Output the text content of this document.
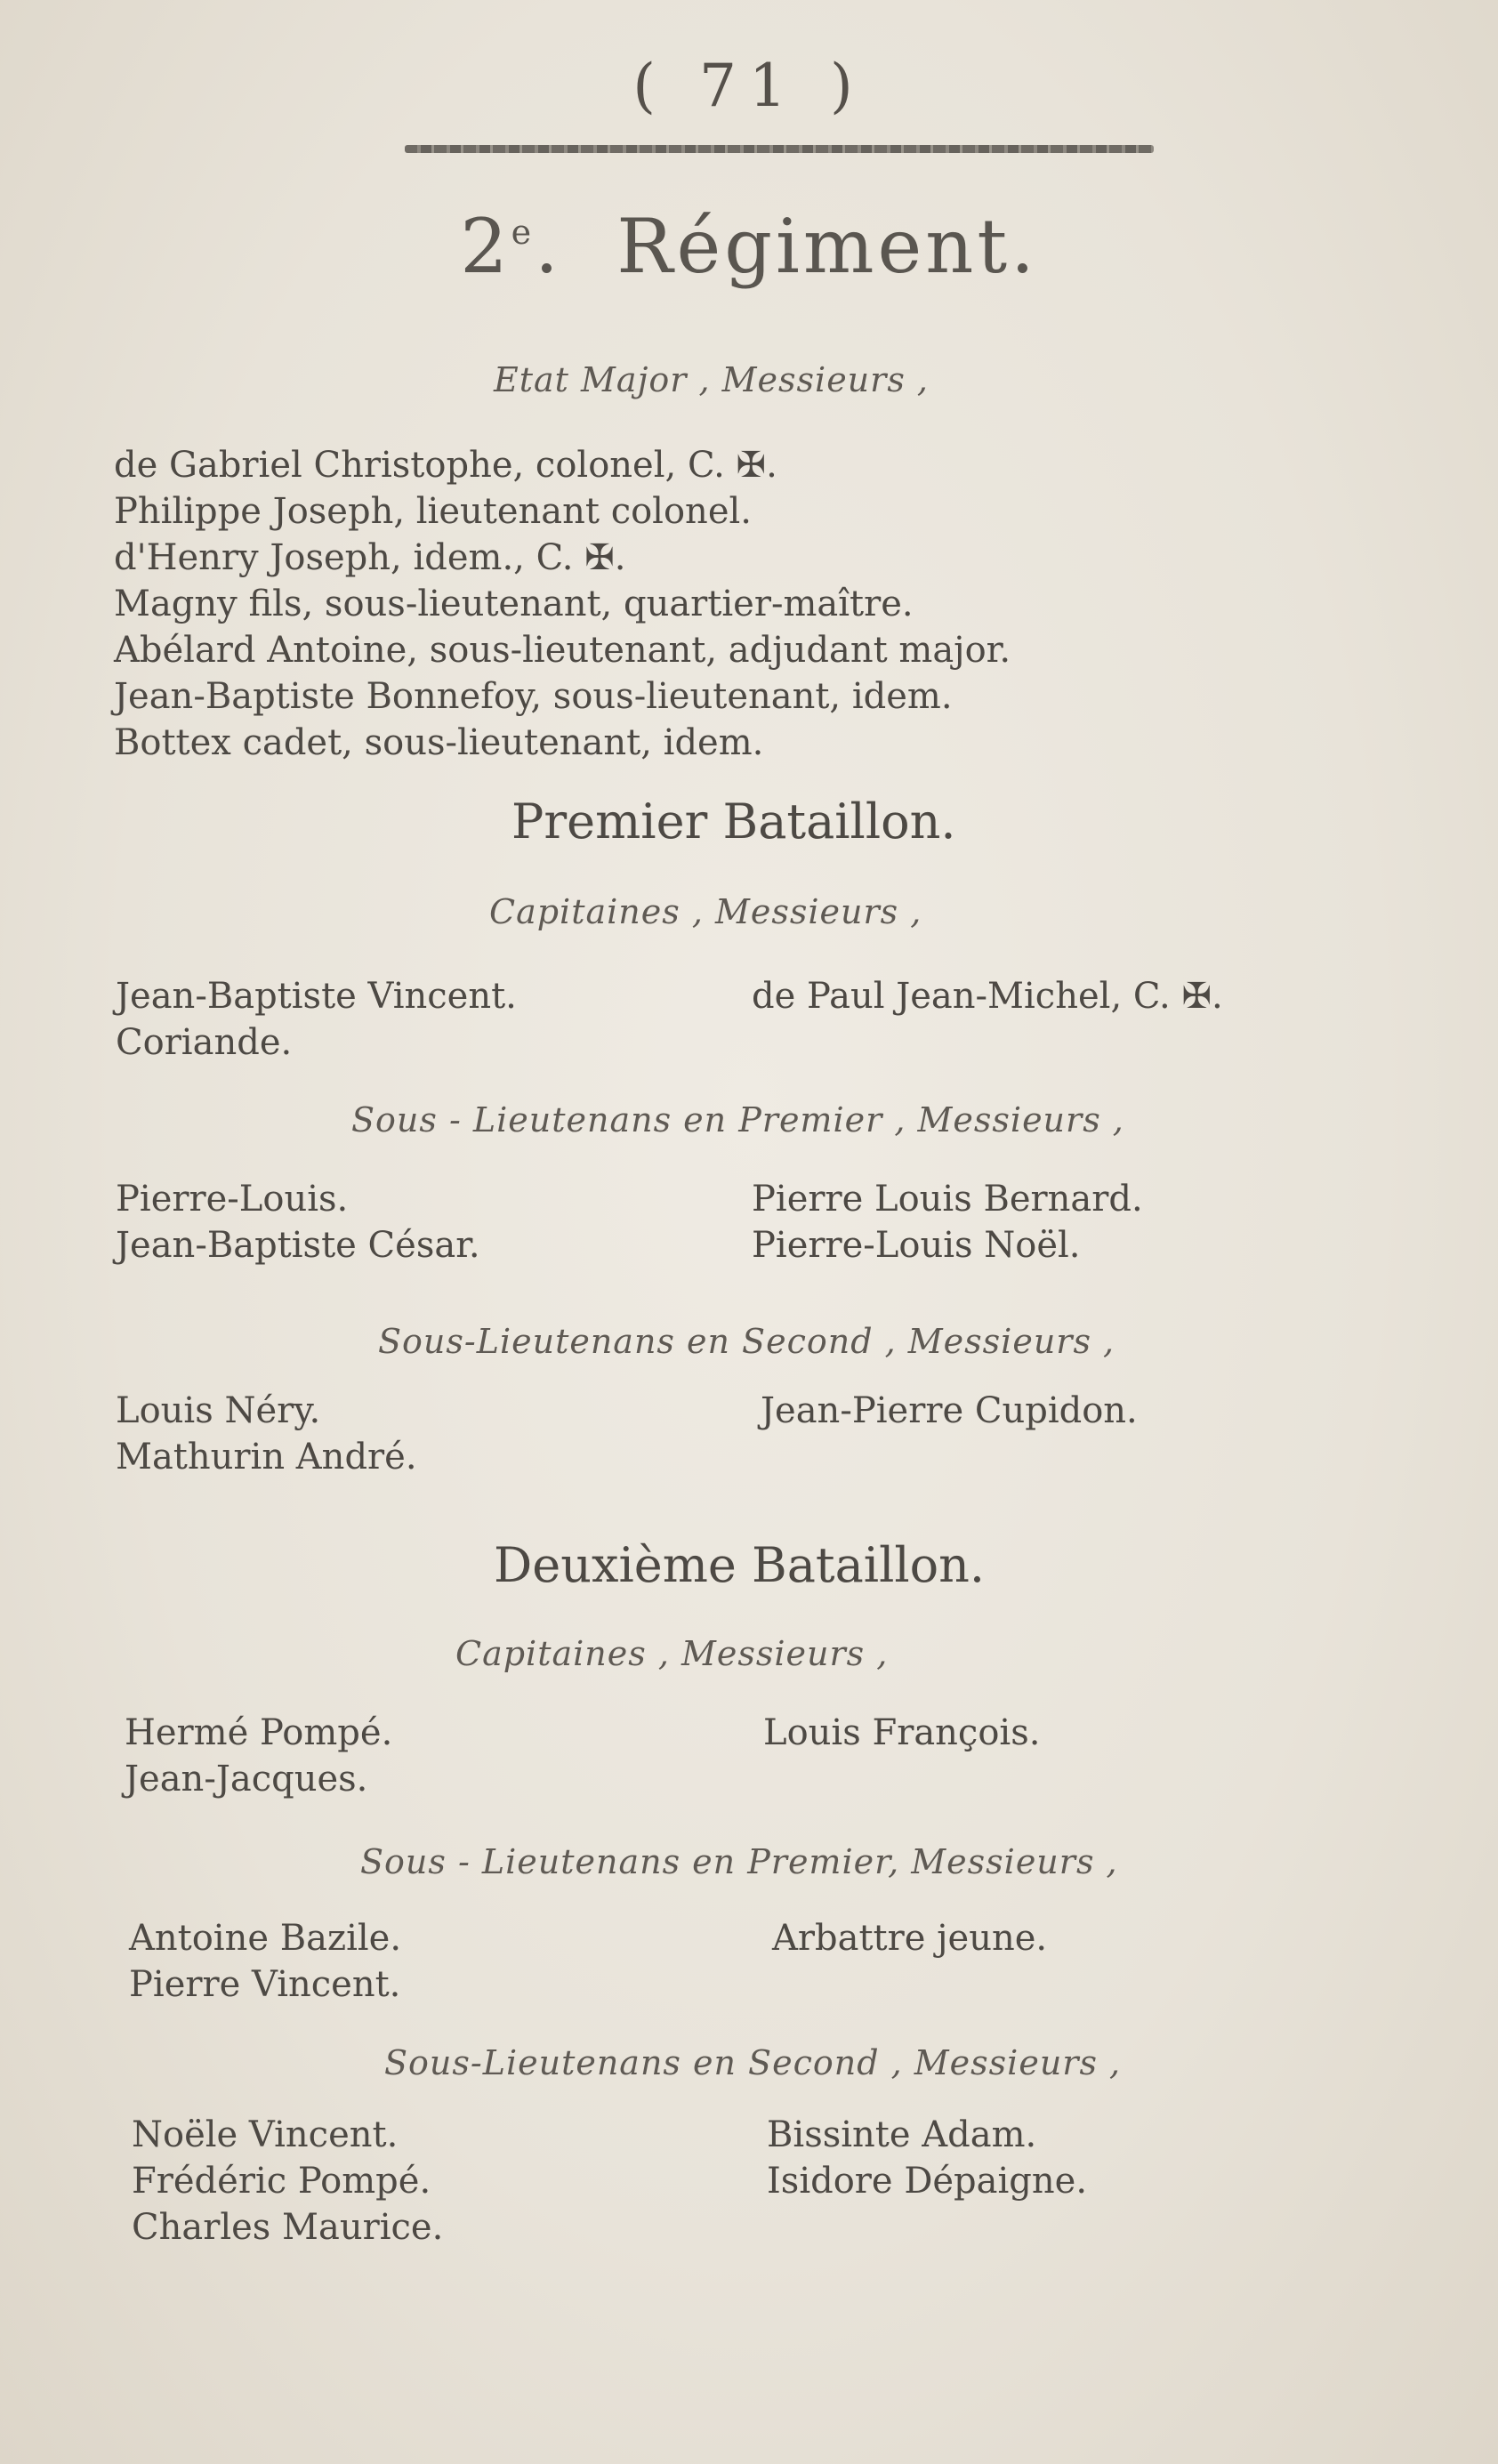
( 71 )
2e.  Régiment.
Etat Major , Messieurs ,
de Gabriel Christophe, colonel, C. ✠.
Philippe Joseph, lieutenant colonel.
d'Henry Joseph, idem., C. ✠.
Magny fils, sous-lieutenant, quartier-maître.
Abélard Antoine, sous-lieutenant, adjudant major.
Jean-Baptiste Bonnefoy, sous-lieutenant, idem.
Bottex cadet, sous-lieutenant, idem.
Premier Bataillon.
Capitaines , Messieurs ,
Jean-Baptiste Vincent.
Coriande.
de Paul Jean-Michel, C. ✠.
Sous - Lieutenans en Premier , Messieurs ,
Pierre-Louis.
Jean-Baptiste César.
Pierre Louis Bernard.
Pierre-Louis Noël.
Sous-Lieutenans en Second , Messieurs ,
Louis Néry.
Mathurin André.
Jean-Pierre Cupidon.
Deuxième Bataillon.
Capitaines , Messieurs ,
Hermé Pompé.
Jean-Jacques.
Louis François.
Sous - Lieutenans en Premier, Messieurs ,
Antoine Bazile.
Pierre Vincent.
Arbattre jeune.
Sous-Lieutenans en Second , Messieurs ,
Noële Vincent.
Frédéric Pompé.
Charles Maurice.
Bissinte Adam.
Isidore Dépaigne.
